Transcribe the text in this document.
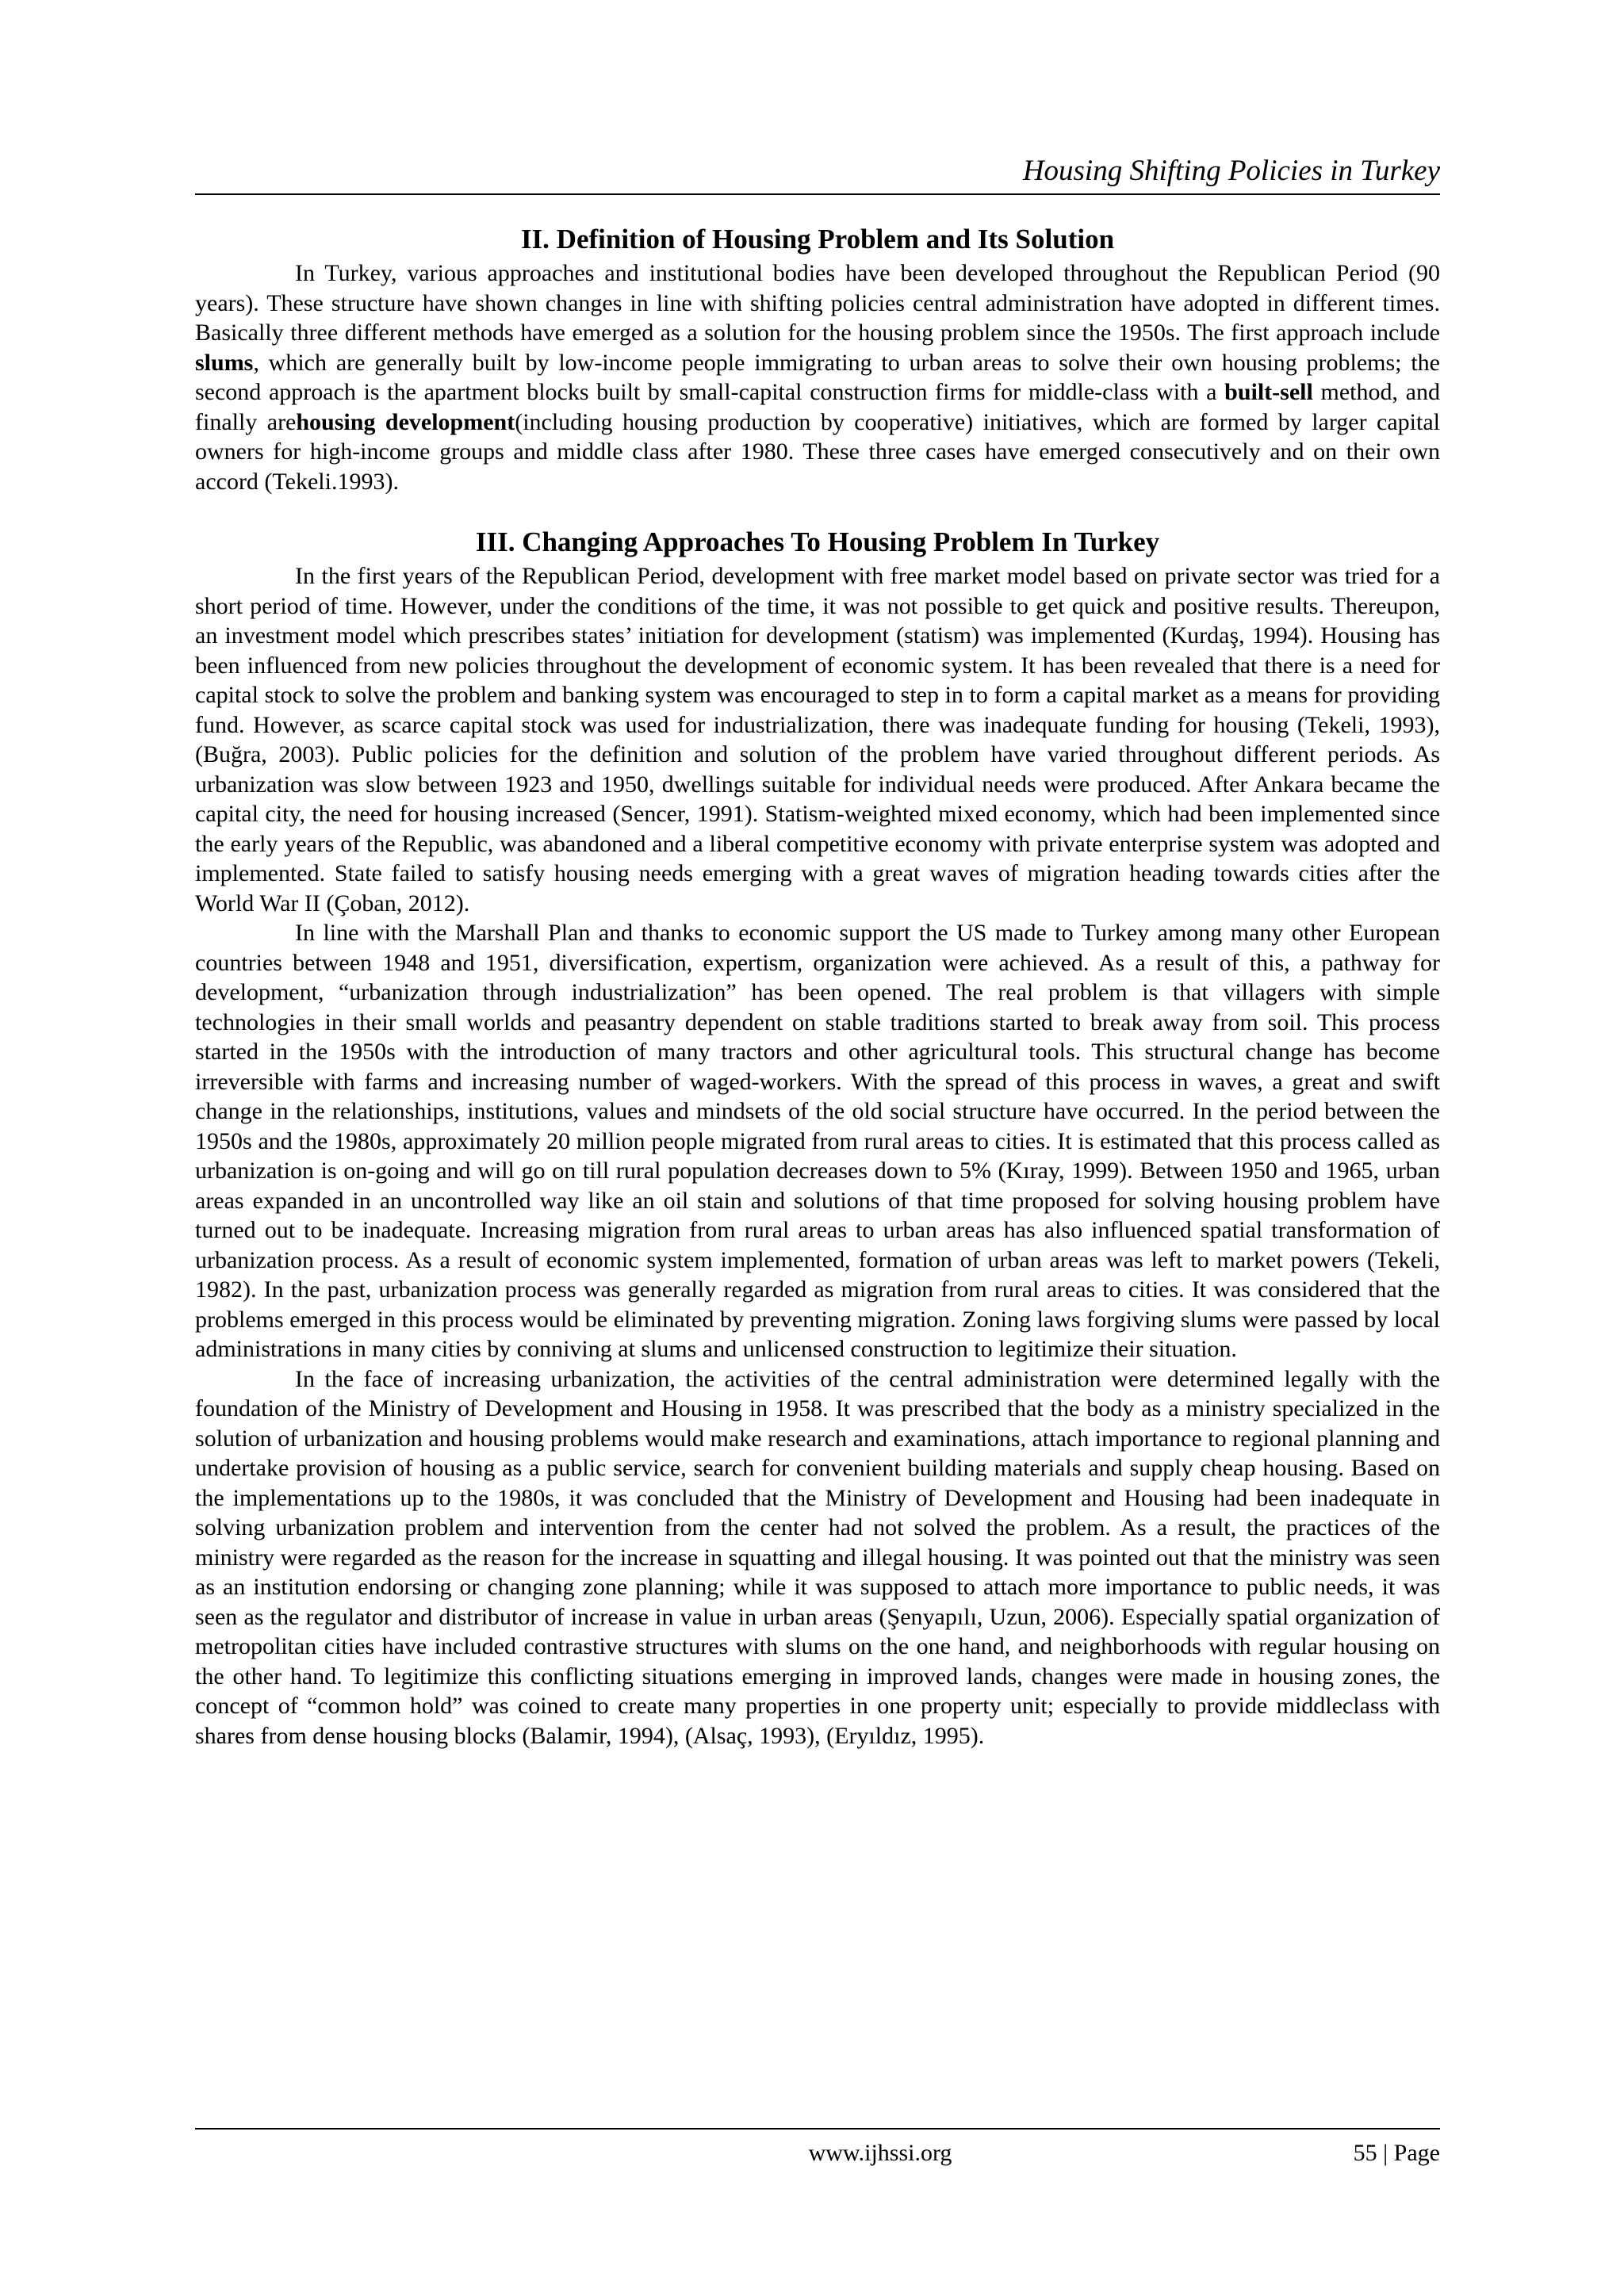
Housing Shifting Policies in Turkey
II. Definition of Housing Problem and Its Solution

In Turkey, various approaches and institutional bodies have been developed throughout the Republican Period (90 years). These structure have shown changes in line with shifting policies central administration have adopted in different times. Basically three different methods have emerged as a solution for the housing problem since the 1950s. The first approach include slums, which are generally built by low-income people immigrating to urban areas to solve their own housing problems; the second approach is the apartment blocks built by small-capital construction firms for middle-class with a built-sell method, and finally arehousing development(including housing production by cooperative) initiatives, which are formed by larger capital owners for high-income groups and middle class after 1980. These three cases have emerged consecutively and on their own accord (Tekeli.1993).

III. Changing Approaches To Housing Problem In Turkey

In the first years of the Republican Period, development with free market model based on private sector was tried for a short period of time. However, under the conditions of the time, it was not possible to get quick and positive results. Thereupon, an investment model which prescribes states’ initiation for development (statism) was implemented (Kurdaş, 1994). Housing has been influenced from new policies throughout the development of economic system. It has been revealed that there is a need for capital stock to solve the problem and banking system was encouraged to step in to form a capital market as a means for providing fund. However, as scarce capital stock was used for industrialization, there was inadequate funding for housing (Tekeli, 1993), (Buğra, 2003). Public policies for the definition and solution of the problem have varied throughout different periods. As urbanization was slow between 1923 and 1950, dwellings suitable for individual needs were produced. After Ankara became the capital city, the need for housing increased (Sencer, 1991). Statism-weighted mixed economy, which had been implemented since the early years of the Republic, was abandoned and a liberal competitive economy with private enterprise system was adopted and implemented. State failed to satisfy housing needs emerging with a great waves of migration heading towards cities after the World War II (Çoban, 2012).

In line with the Marshall Plan and thanks to economic support the US made to Turkey among many other European countries between 1948 and 1951, diversification, expertism, organization were achieved. As a result of this, a pathway for development, “urbanization through industrialization” has been opened. The real problem is that villagers with simple technologies in their small worlds and peasantry dependent on stable traditions started to break away from soil. This process started in the 1950s with the introduction of many tractors and other agricultural tools. This structural change has become irreversible with farms and increasing number of waged-workers. With the spread of this process in waves, a great and swift change in the relationships, institutions, values and mindsets of the old social structure have occurred. In the period between the 1950s and the 1980s, approximately 20 million people migrated from rural areas to cities. It is estimated that this process called as urbanization is on-going and will go on till rural population decreases down to 5% (Kıray, 1999). Between 1950 and 1965, urban areas expanded in an uncontrolled way like an oil stain and solutions of that time proposed for solving housing problem have turned out to be inadequate. Increasing migration from rural areas to urban areas has also influenced spatial transformation of urbanization process. As a result of economic system implemented, formation of urban areas was left to market powers (Tekeli, 1982). In the past, urbanization process was generally regarded as migration from rural areas to cities. It was considered that the problems emerged in this process would be eliminated by preventing migration. Zoning laws forgiving slums were passed by local administrations in many cities by conniving at slums and unlicensed construction to legitimize their situation.

In the face of increasing urbanization, the activities of the central administration were determined legally with the foundation of the Ministry of Development and Housing in 1958. It was prescribed that the body as a ministry specialized in the solution of urbanization and housing problems would make research and examinations, attach importance to regional planning and undertake provision of housing as a public service, search for convenient building materials and supply cheap housing. Based on the implementations up to the 1980s, it was concluded that the Ministry of Development and Housing had been inadequate in solving urbanization problem and intervention from the center had not solved the problem. As a result, the practices of the ministry were regarded as the reason for the increase in squatting and illegal housing. It was pointed out that the ministry was seen as an institution endorsing or changing zone planning; while it was supposed to attach more importance to public needs, it was seen as the regulator and distributor of increase in value in urban areas (Şenyapılı, Uzun, 2006). Especially spatial organization of metropolitan cities have included contrastive structures with slums on the one hand, and neighborhoods with regular housing on the other hand. To legitimize this conflicting situations emerging in improved lands, changes were made in housing zones, the concept of “common hold” was coined to create many properties in one property unit; especially to provide middleclass with shares from dense housing blocks (Balamir, 1994), (Alsaç, 1993), (Eryıldız, 1995).

www.ijhssi.org	55 | Page
